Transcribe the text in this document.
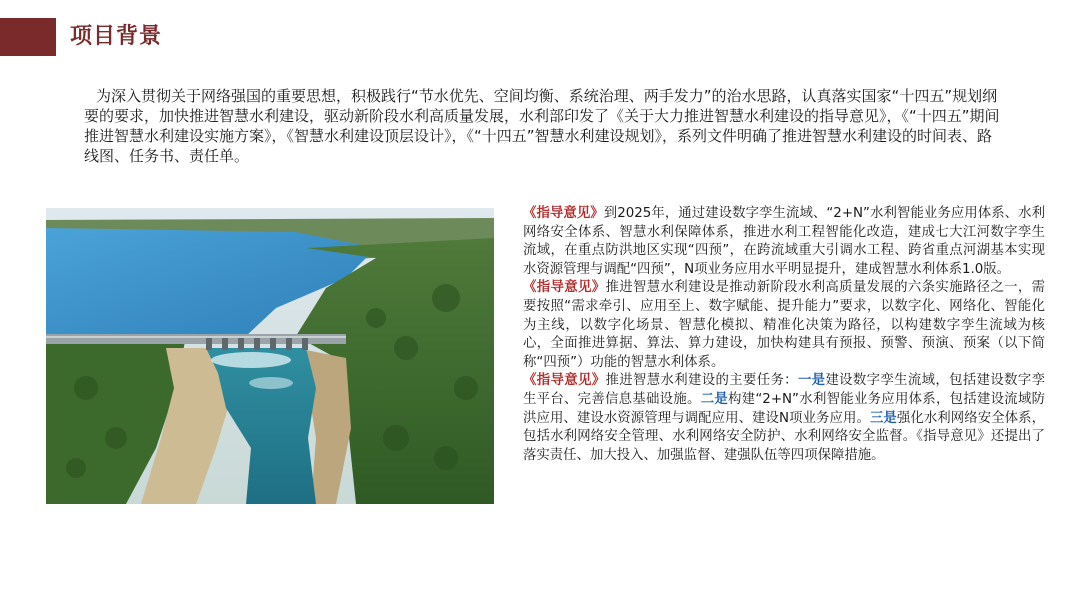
项目背景
为深入贯彻关于网络强国的重要思想，积极践行“节水优先、空间均衡、系统治理、两手发力”的治水思路，认真落实国家“十四五”规划纲要的要求，加快推进智慧水利建设，驱动新阶段水利高质量发展，水利部印发了《关于大力推进智慧水利建设的指导意见》，《“十四五”期间推进智慧水利建设实施方案》，《智慧水利建设顶层设计》，《“十四五”智慧水利建设规划》，系列文件明确了推进智慧水利建设的时间表、路线图、任务书、责任单。

《指导意见》到2025年，通过建设数字孪生流域、“2+N”水利智能业务应用体系、水利网络安全体系、智慧水利保障体系，推进水利工程智能化改造，建成七大江河数字孪生流域，在重点防洪地区实现“四预”，在跨流域重大引调水工程、跨省重点河湖基本实现水资源管理与调配“四预”，N项业务应用水平明显提升，建成智慧水利体系1.0版。

《指导意见》推进智慧水利建设是推动新阶段水利高质量发展的六条实施路径之一，需要按照“需求牵引、应用至上、数字赋能、提升能力”要求，以数字化、网络化、智能化为主线，以数字化场景、智慧化模拟、精准化决策为路径，以构建数字孪生流域为核心，全面推进算据、算法、算力建设，加快构建具有预报、预警、预演、预案（以下简称“四预”）功能的智慧水利体系。

《指导意见》推进智慧水利建设的主要任务：一是建设数字孪生流域，包括建设数字孪生平台、完善信息基础设施。二是构建“2+N”水利智能业务应用体系，包括建设流域防洪应用、建设水资源管理与调配应用、建设N项业务应用。三是强化水利网络安全体系，包括水利网络安全管理、水利网络安全防护、水利网络安全监督。《指导意见》还提出了落实责任、加大投入、加强监督、建强队伍等四项保障措施。
